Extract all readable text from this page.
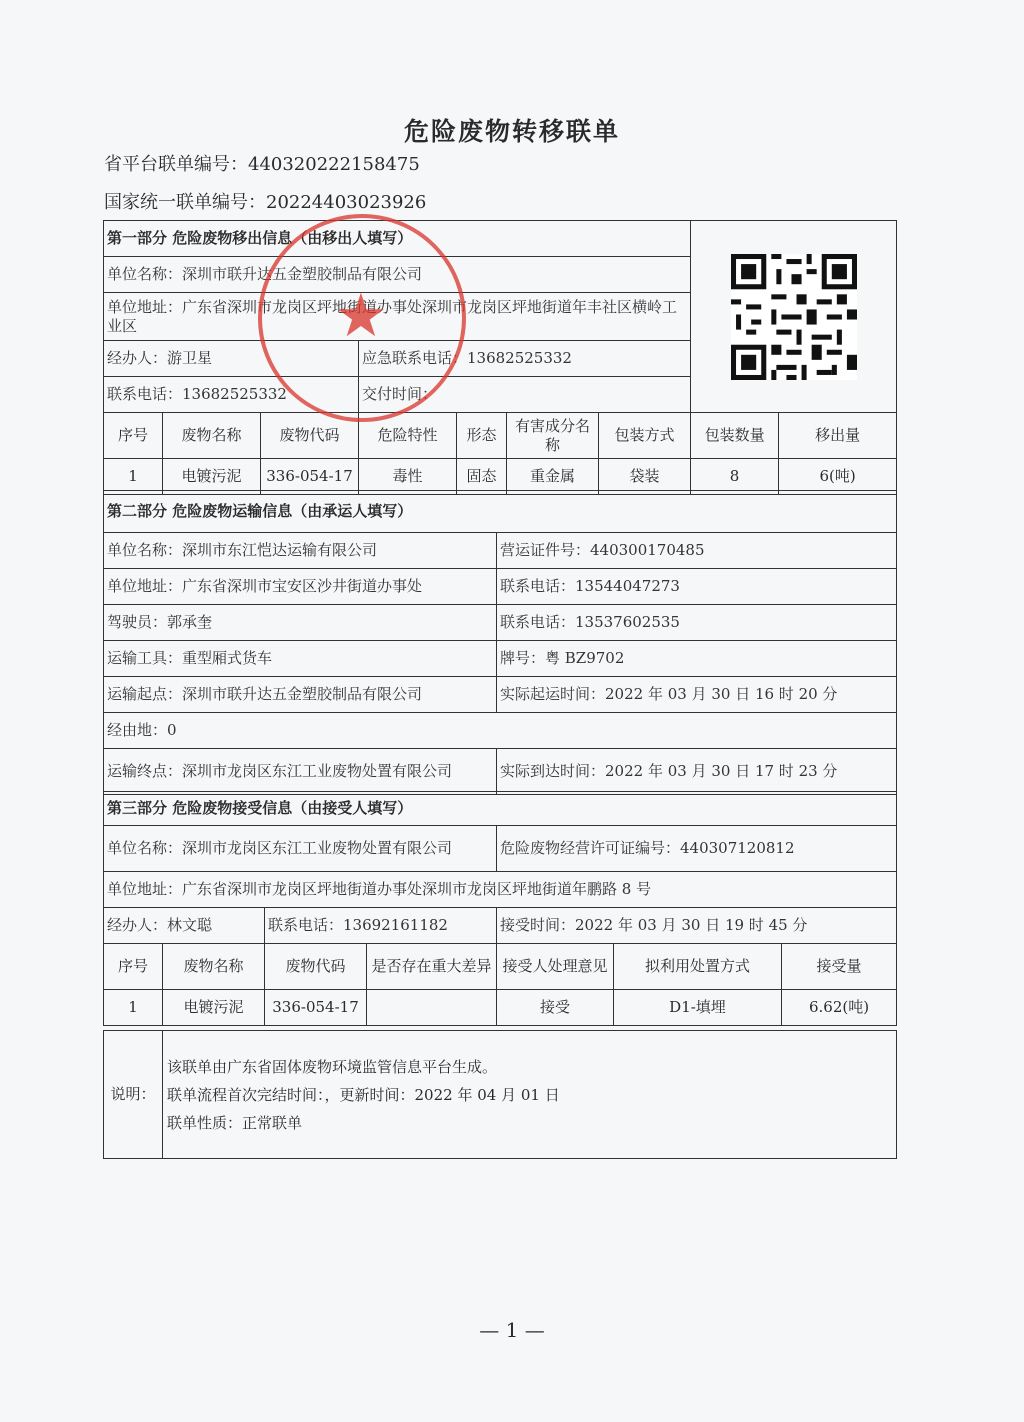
危险废物转移联单
省平台联单编号：440320222158475
国家统一联单编号：20224403023926
第一部分 危险废物移出信息（由移出人填写）	

单位名称：深圳市联升达五金塑胶制品有限公司								
单位地址：广东省深圳市龙岗区坪地街道办事处深圳市龙岗区坪地街道年丰社区横岭工业区								
经办人：游卫星			应急联系电话：13682525332					
联系电话：13682525332			交付时间：					
序号	废物名称	废物代码	危险特性	形态	有害成分名称	包装方式	包装数量	移出量
1	电镀污泥	336-054-17	毒性	固态	重金属	袋装	8	6(吨)
第二部分 危险废物运输信息（由承运人填写）	
单位名称：深圳市东江恺达运输有限公司	营运证件号：440300170485
单位地址：广东省深圳市宝安区沙井街道办事处	联系电话：13544047273
驾驶员：郭承奎	联系电话：13537602535
运输工具：重型厢式货车	牌号：粤 BZ9702
运输起点：深圳市联升达五金塑胶制品有限公司	实际起运时间：2022 年 03 月 30 日 16 时 20 分
经由地：0	
运输终点：深圳市龙岗区东江工业废物处置有限公司	实际到达时间：2022 年 03 月 30 日 17 时 23 分
第三部分 危险废物接受信息（由接受人填写）						
单位名称：深圳市龙岗区东江工业废物处置有限公司				危险废物经营许可证编号：440307120812		
单位地址：广东省深圳市龙岗区坪地街道办事处深圳市龙岗区坪地街道年鹏路 8 号						
经办人：林文聪		联系电话：13692161182		接受时间：2022 年 03 月 30 日 19 时 45 分		
序号	废物名称	废物代码	是否存在重大差异	接受人处理意见	拟利用处置方式	接受量
1	电镀污泥	336-054-17		接受	D1-填埋	6.62(吨)
说明：	
该联单由广东省固体废物环境监管信息平台生成。
联单流程首次完结时间：，更新时间：2022 年 04 月 01 日
联单性质：正常联单
★
— 1 —
